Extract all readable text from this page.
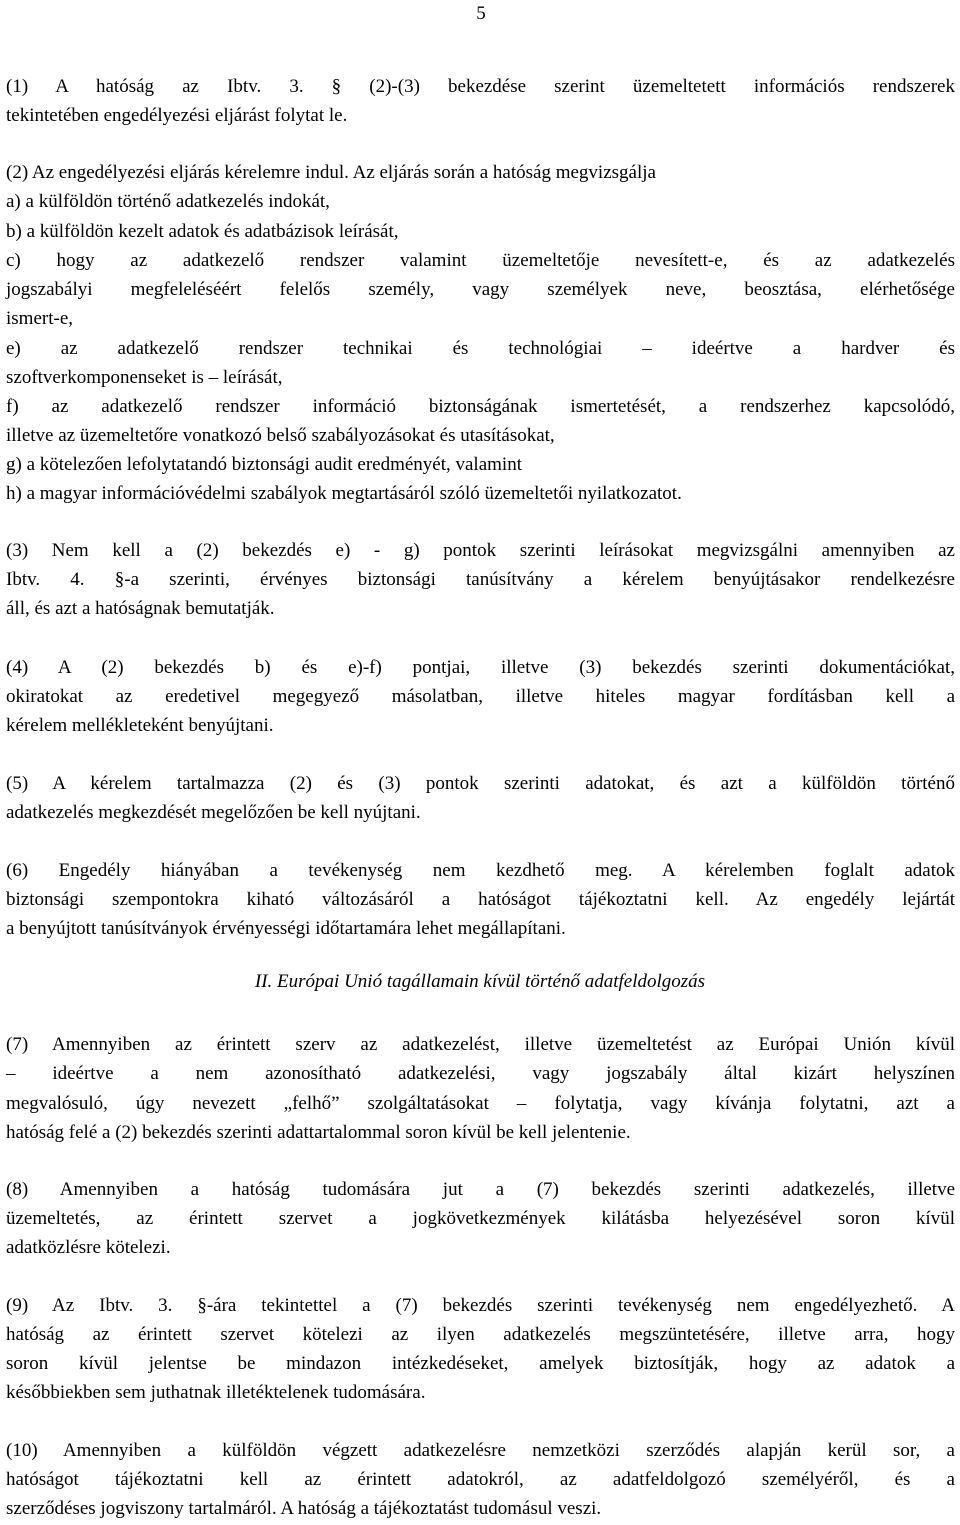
5
(1) A hatóság az Ibtv. 3. § (2)-(3) bekezdése szerint üzemeltetett információs rendszerek
tekintetében engedélyezési eljárást folytat le.
(2) Az engedélyezési eljárás kérelemre indul. Az eljárás során a hatóság megvizsgálja
a) a külföldön történő adatkezelés indokát,
b) a külföldön kezelt adatok és adatbázisok leírását,
c) hogy az adatkezelő rendszer valamint üzemeltetője nevesített-e, és az adatkezelés
jogszabályi megfeleléséért felelős személy, vagy személyek neve, beosztása, elérhetősége
ismert-e,
e) az adatkezelő rendszer technikai és technológiai – ideértve a hardver és
szoftverkomponenseket is – leírását,
f) az adatkezelő rendszer információ biztonságának ismertetését, a rendszerhez kapcsolódó,
illetve az üzemeltetőre vonatkozó belső szabályozásokat és utasításokat,
g) a kötelezően lefolytatandó biztonsági audit eredményét, valamint
h) a magyar információvédelmi szabályok megtartásáról szóló üzemeltetői nyilatkozatot.
(3) Nem kell a (2) bekezdés e) - g) pontok szerinti leírásokat megvizsgálni amennyiben az
Ibtv. 4. §-a szerinti, érvényes biztonsági tanúsítvány a kérelem benyújtásakor rendelkezésre
áll, és azt a hatóságnak bemutatják.
(4) A (2) bekezdés b) és e)-f) pontjai, illetve (3) bekezdés szerinti dokumentációkat,
okiratokat az eredetivel megegyező másolatban, illetve hiteles magyar fordításban kell a
kérelem mellékleteként benyújtani.
(5) A kérelem tartalmazza (2) és (3) pontok szerinti adatokat, és azt a külföldön történő
adatkezelés megkezdését megelőzően be kell nyújtani.
(6) Engedély hiányában a tevékenység nem kezdhető meg. A kérelemben foglalt adatok
biztonsági szempontokra kiható változásáról a hatóságot tájékoztatni kell. Az engedély lejártát
a benyújtott tanúsítványok érvényességi időtartamára lehet megállapítani.
II. Európai Unió tagállamain kívül történő adatfeldolgozás
(7) Amennyiben az érintett szerv az adatkezelést, illetve üzemeltetést az Európai Unión kívül
– ideértve a nem azonosítható adatkezelési, vagy jogszabály által kizárt helyszínen
megvalósuló, úgy nevezett „felhő” szolgáltatásokat – folytatja, vagy kívánja folytatni, azt a
hatóság felé a (2) bekezdés szerinti adattartalommal soron kívül be kell jelentenie.
(8) Amennyiben a hatóság tudomására jut a (7) bekezdés szerinti adatkezelés, illetve
üzemeltetés, az érintett szervet a jogkövetkezmények kilátásba helyezésével soron kívül
adatközlésre kötelezi.
(9) Az Ibtv. 3. §-ára tekintettel a (7) bekezdés szerinti tevékenység nem engedélyezhető. A
hatóság az érintett szervet kötelezi az ilyen adatkezelés megszüntetésére, illetve arra, hogy
soron kívül jelentse be mindazon intézkedéseket, amelyek biztosítják, hogy az adatok a
későbbiekben sem juthatnak illetéktelenek tudomására.
(10) Amennyiben a külföldön végzett adatkezelésre nemzetközi szerződés alapján kerül sor, a
hatóságot tájékoztatni kell az érintett adatokról, az adatfeldolgozó személyéről, és a
szerződéses jogviszony tartalmáról. A hatóság a tájékoztatást tudomásul veszi.
